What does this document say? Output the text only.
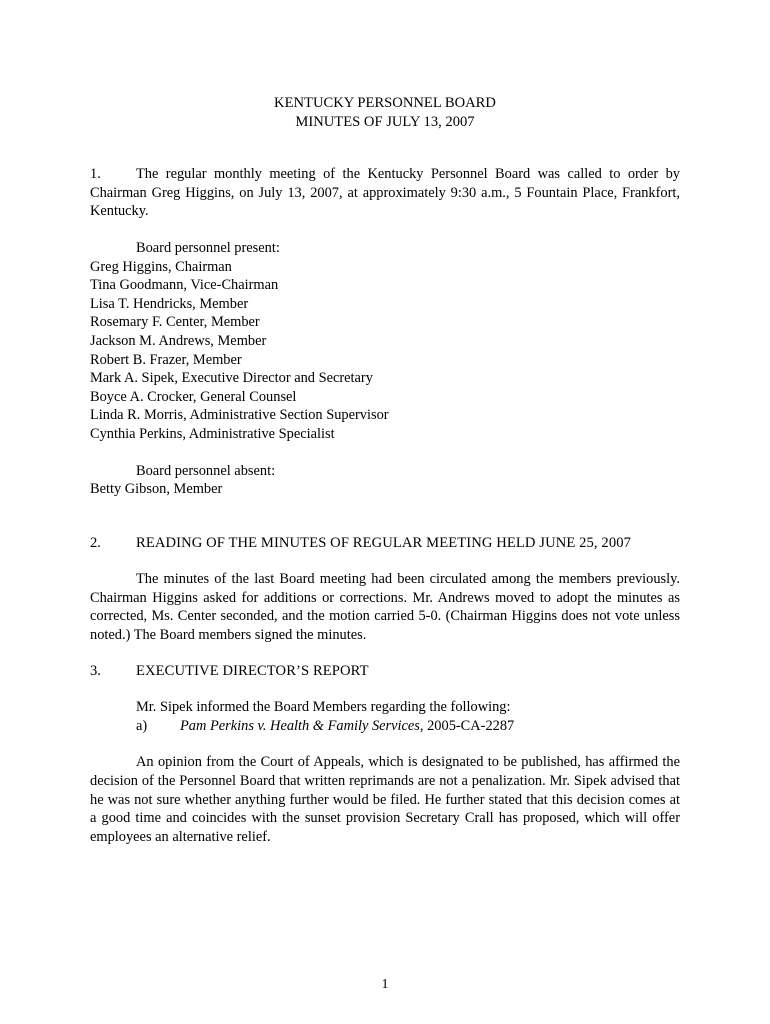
KENTUCKY PERSONNEL BOARD

MINUTES OF JULY 13, 2007

1. The regular monthly meeting of the Kentucky Personnel Board was called to order by Chairman Greg Higgins, on July 13, 2007, at approximately 9:30 a.m., 5 Fountain Place, Frankfort, Kentucky.

Board personnel present:

Greg Higgins, Chairman
Tina Goodmann, Vice-Chairman
Lisa T. Hendricks, Member
Rosemary F. Center, Member
Jackson M. Andrews, Member
Robert B. Frazer, Member
Mark A. Sipek, Executive Director and Secretary
Boyce A. Crocker, General Counsel
Linda R. Morris, Administrative Section Supervisor
Cynthia Perkins, Administrative Specialist

Board personnel absent:

Betty Gibson, Member
2.	READING OF THE MINUTES OF REGULAR MEETING HELD JUNE 25, 2007

The minutes of the last Board meeting had been circulated among the members previously. Chairman Higgins asked for additions or corrections. Mr. Andrews moved to adopt the minutes as corrected, Ms. Center seconded, and the motion carried 5-0. (Chairman Higgins does not vote unless noted.) The Board members signed the minutes.

3.	EXECUTIVE DIRECTOR’S REPORT

Mr. Sipek informed the Board Members regarding the following:

a)	Pam Perkins v. Health & Family Services, 2005-CA-2287

An opinion from the Court of Appeals, which is designated to be published, has affirmed the decision of the Personnel Board that written reprimands are not a penalization. Mr. Sipek advised that he was not sure whether anything further would be filed. He further stated that this decision comes at a good time and coincides with the sunset provision Secretary Crall has proposed, which will offer employees an alternative relief.

1
